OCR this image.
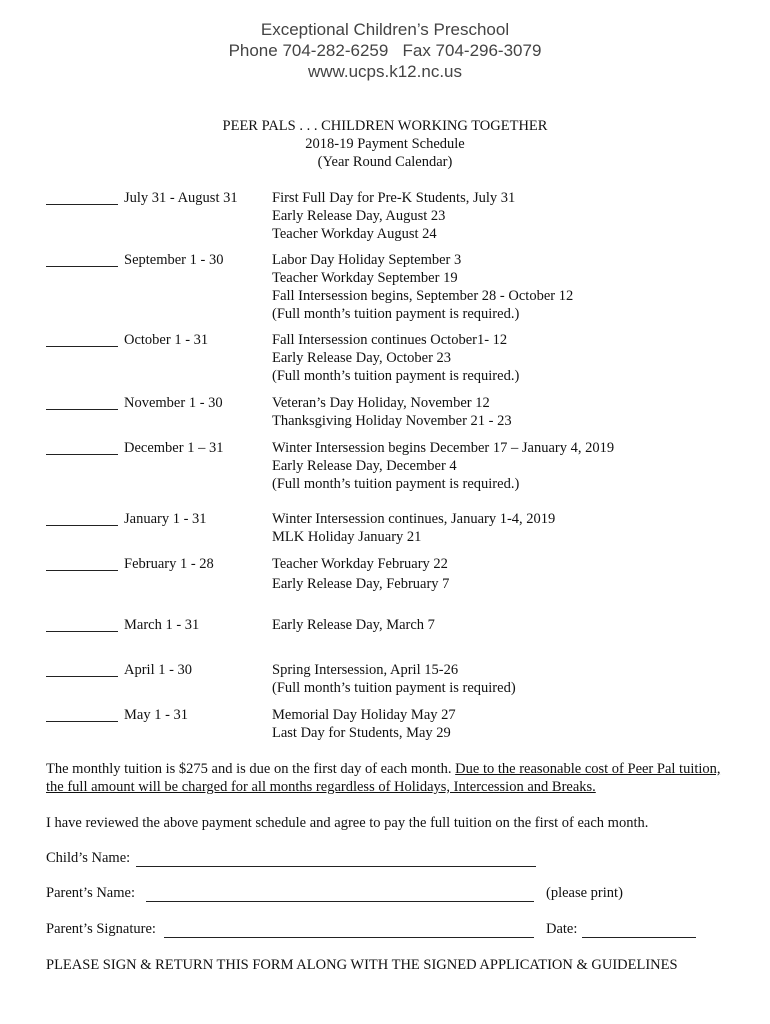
Exceptional Children’s Preschool
Phone 704-282-6259   Fax 704-296-3079
www.ucps.k12.nc.us
PEER PALS . . . CHILDREN WORKING TOGETHER
2018-19 Payment Schedule
(Year Round Calendar)
July 31 - August 31 First Full Day for Pre-K Students, July 31
Early Release Day, August 23
Teacher Workday August 24
September 1 - 30	Labor Day Holiday September 3
Teacher Workday September 19
Fall Intersession begins, September 28 - October 12
(Full month’s tuition payment is required.)
October 1 - 31	Fall Intersession continues October1- 12
Early Release Day, October 23
(Full month’s tuition payment is required.)
November 1 - 30	Veteran’s Day Holiday, November 12
Thanksgiving Holiday November 21 - 23
December 1 – 31	Winter Intersession begins December 17 – January 4, 2019
Early Release Day, December 4
(Full month’s tuition payment is required.)
January 1 - 31	Winter Intersession continues, January 1-4, 2019
MLK Holiday January 21
February 1 - 28	Teacher Workday February 22
Early Release Day, February 7
March 1 - 31	Early Release Day, March 7
April 1 - 30	Spring Intersession, April 15-26
(Full month’s tuition payment is required)
May 1 - 31	Memorial Day Holiday May 27
Last Day for Students, May 29
The monthly tuition is $275 and is due on the first day of each month. Due to the reasonable cost of Peer Pal tuition, the full amount will be charged for all months regardless of Holidays, Intercession and Breaks.
I have reviewed the above payment schedule and agree to pay the full tuition on the first of each month.
Child’s Name:
Parent’s Name:	(please print)
Parent’s Signature:	Date:
PLEASE SIGN & RETURN THIS FORM ALONG WITH THE SIGNED APPLICATION & GUIDELINES
